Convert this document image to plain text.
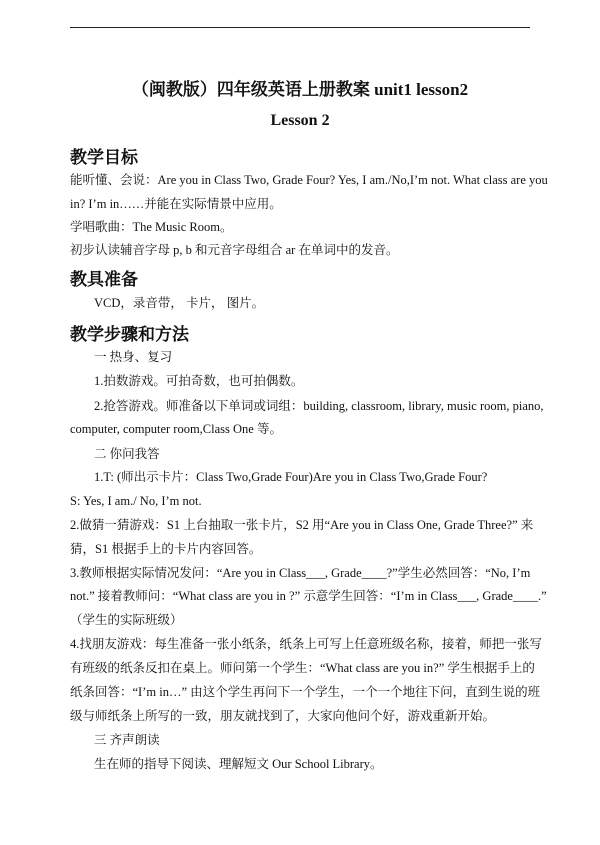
（闽教版）四年级英语上册教案 unit1 lesson2
Lesson 2
教学目标
能听懂、会说：Are you in Class Two, Grade Four? Yes, I am./No,I’m not. What class are you
in? I’m in……并能在实际情景中应用。
学唱歌曲：The Music Room。
初步认读辅音字母 p, b 和元音字母组合 ar 在单词中的发音。
教具准备
VCD，录音带， 卡片， 图片。
教学步骤和方法
一 热身、复习
1.拍数游戏。可拍奇数，也可拍偶数。
2.抢答游戏。师准备以下单词或词组：building, classroom, library, music room, piano,
computer, computer room,Class One 等。
二 你问我答
1.T: (师出示卡片：Class Two,Grade Four)Are you in Class Two,Grade Four?
S: Yes, I am./ No, I’m not.
2.做猜一猜游戏：S1 上台抽取一张卡片，S2 用“Are you in Class One, Grade Three?” 来
猜，S1 根据手上的卡片内容回答。
3.教师根据实际情况发问：“Are you in Class___, Grade____?”学生必然回答：“No, I’m
not.” 接着教师问：“What class are you in ?” 示意学生回答：“I’m in Class___, Grade____.”
（学生的实际班级）
4.找朋友游戏：每生准备一张小纸条，纸条上可写上任意班级名称，接着，师把一张写
有班级的纸条反扣在桌上。师问第一个学生：“What class are you in?” 学生根据手上的
纸条回答：“I’m in…” 由这个学生再问下一个学生，一个一个地往下问，直到生说的班
级与师纸条上所写的一致，朋友就找到了，大家向他问个好，游戏重新开始。
三 齐声朗读
生在师的指导下阅读、理解短文 Our School Library。
